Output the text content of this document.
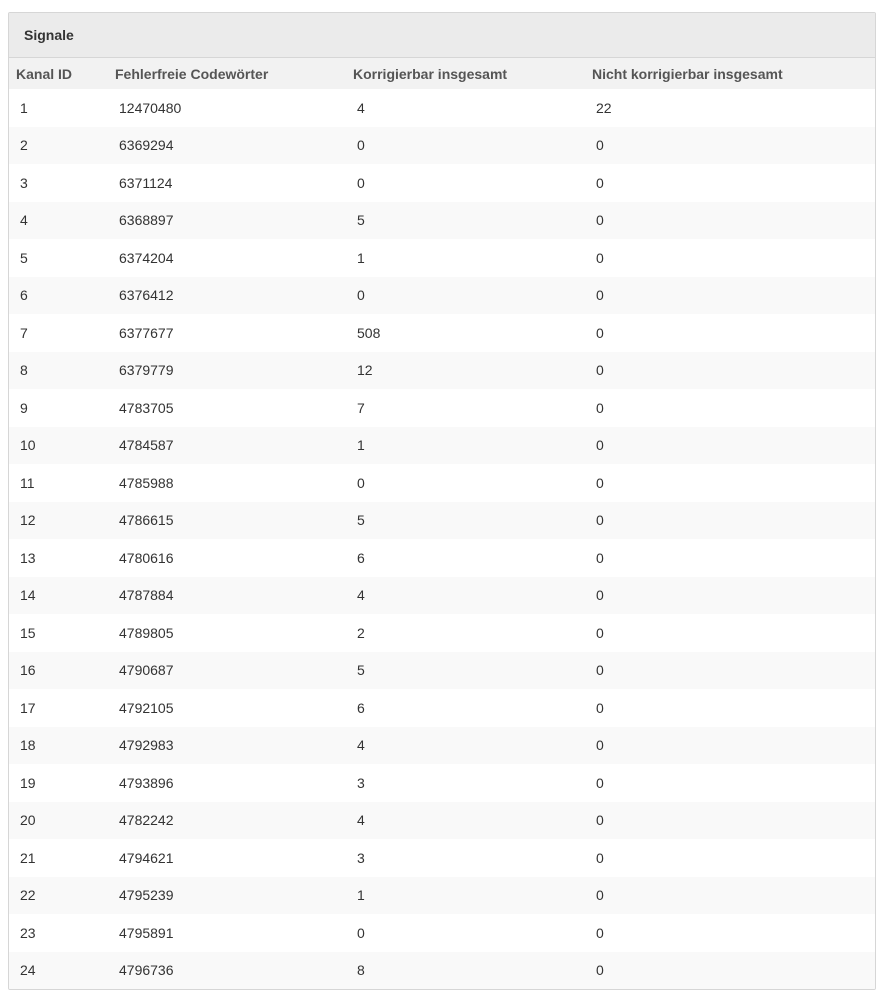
Signale
Kanal ID	Fehlerfreie Codewörter	Korrigierbar insgesamt	Nicht korrigierbar insgesamt
1	12470480	4	22
2	6369294	0	0
3	6371124	0	0
4	6368897	5	0
5	6374204	1	0
6	6376412	0	0
7	6377677	508	0
8	6379779	12	0
9	4783705	7	0
10	4784587	1	0
11	4785988	0	0
12	4786615	5	0
13	4780616	6	0
14	4787884	4	0
15	4789805	2	0
16	4790687	5	0
17	4792105	6	0
18	4792983	4	0
19	4793896	3	0
20	4782242	4	0
21	4794621	3	0
22	4795239	1	0
23	4795891	0	0
24	4796736	8	0
